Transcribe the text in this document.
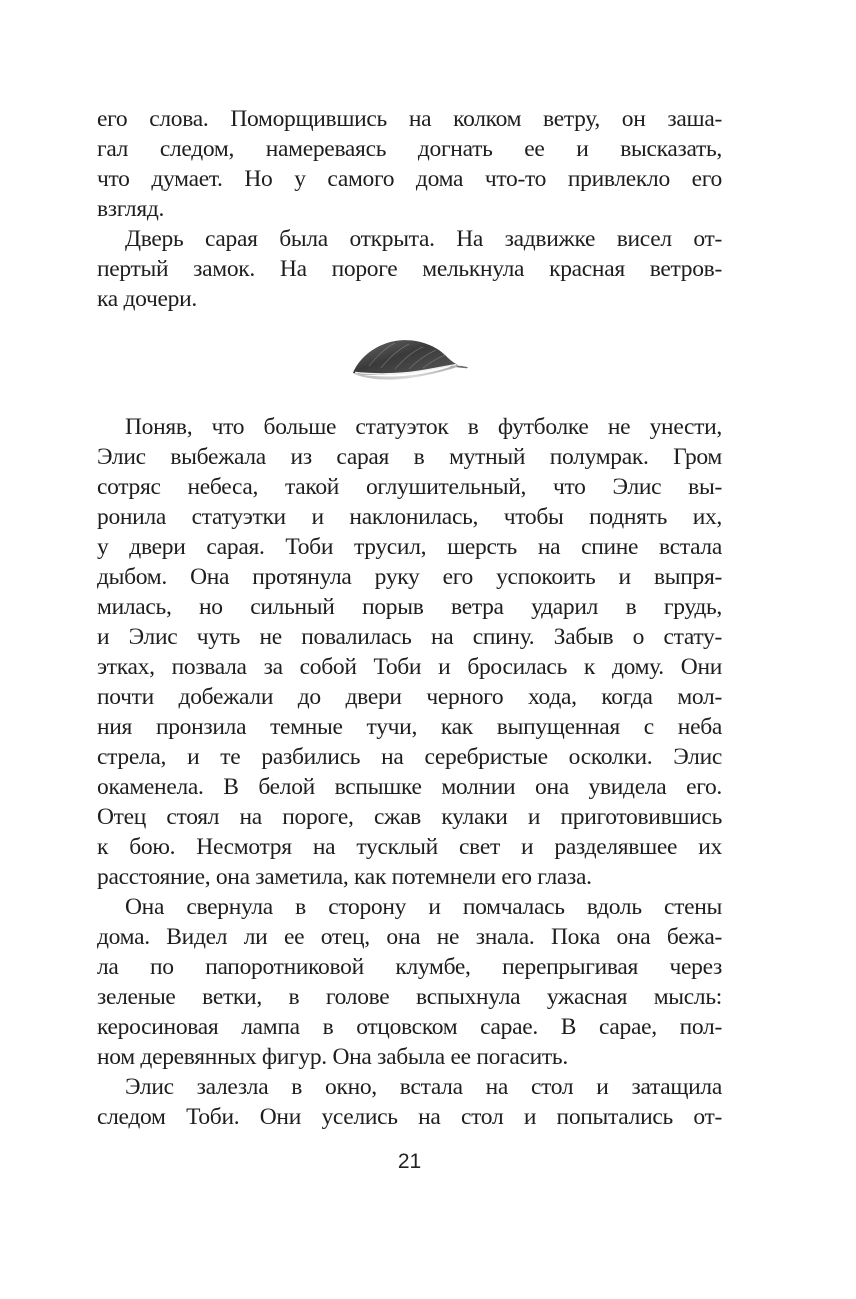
его слова. Поморщившись на колком ветру, он заша-
гал следом, намереваясь догнать ее и высказать,
что думает. Но у самого дома что-то привлекло его
взгляд.
Дверь сарая была открыта. На задвижке висел от-
пертый замок. На пороге мелькнула красная ветров-
ка дочери.
Поняв, что больше статуэток в футболке не унести,
Элис выбежала из сарая в мутный полумрак. Гром
сотряс небеса, такой оглушительный, что Элис вы-
ронила статуэтки и наклонилась, чтобы поднять их,
у двери сарая. Тоби трусил, шерсть на спине встала
дыбом. Она протянула руку его успокоить и выпря-
милась, но сильный порыв ветра ударил в грудь,
и Элис чуть не повалилась на спину. Забыв о стату-
этках, позвала за собой Тоби и бросилась к дому. Они
почти добежали до двери черного хода, когда мол-
ния пронзила темные тучи, как выпущенная с неба
стрела, и те разбились на серебристые осколки. Элис
окаменела. В белой вспышке молнии она увидела его.
Отец стоял на пороге, сжав кулаки и приготовившись
к бою. Несмотря на тусклый свет и разделявшее их
расстояние, она заметила, как потемнели его глаза.
Она свернула в сторону и помчалась вдоль стены
дома. Видел ли ее отец, она не знала. Пока она бежа-
ла по папоротниковой клумбе, перепрыгивая через
зеленые ветки, в голове вспыхнула ужасная мысль:
керосиновая лампа в отцовском сарае. В сарае, пол-
ном деревянных фигур. Она забыла ее погасить.
Элис залезла в окно, встала на стол и затащила
следом Тоби. Они уселись на стол и попытались от-
21
